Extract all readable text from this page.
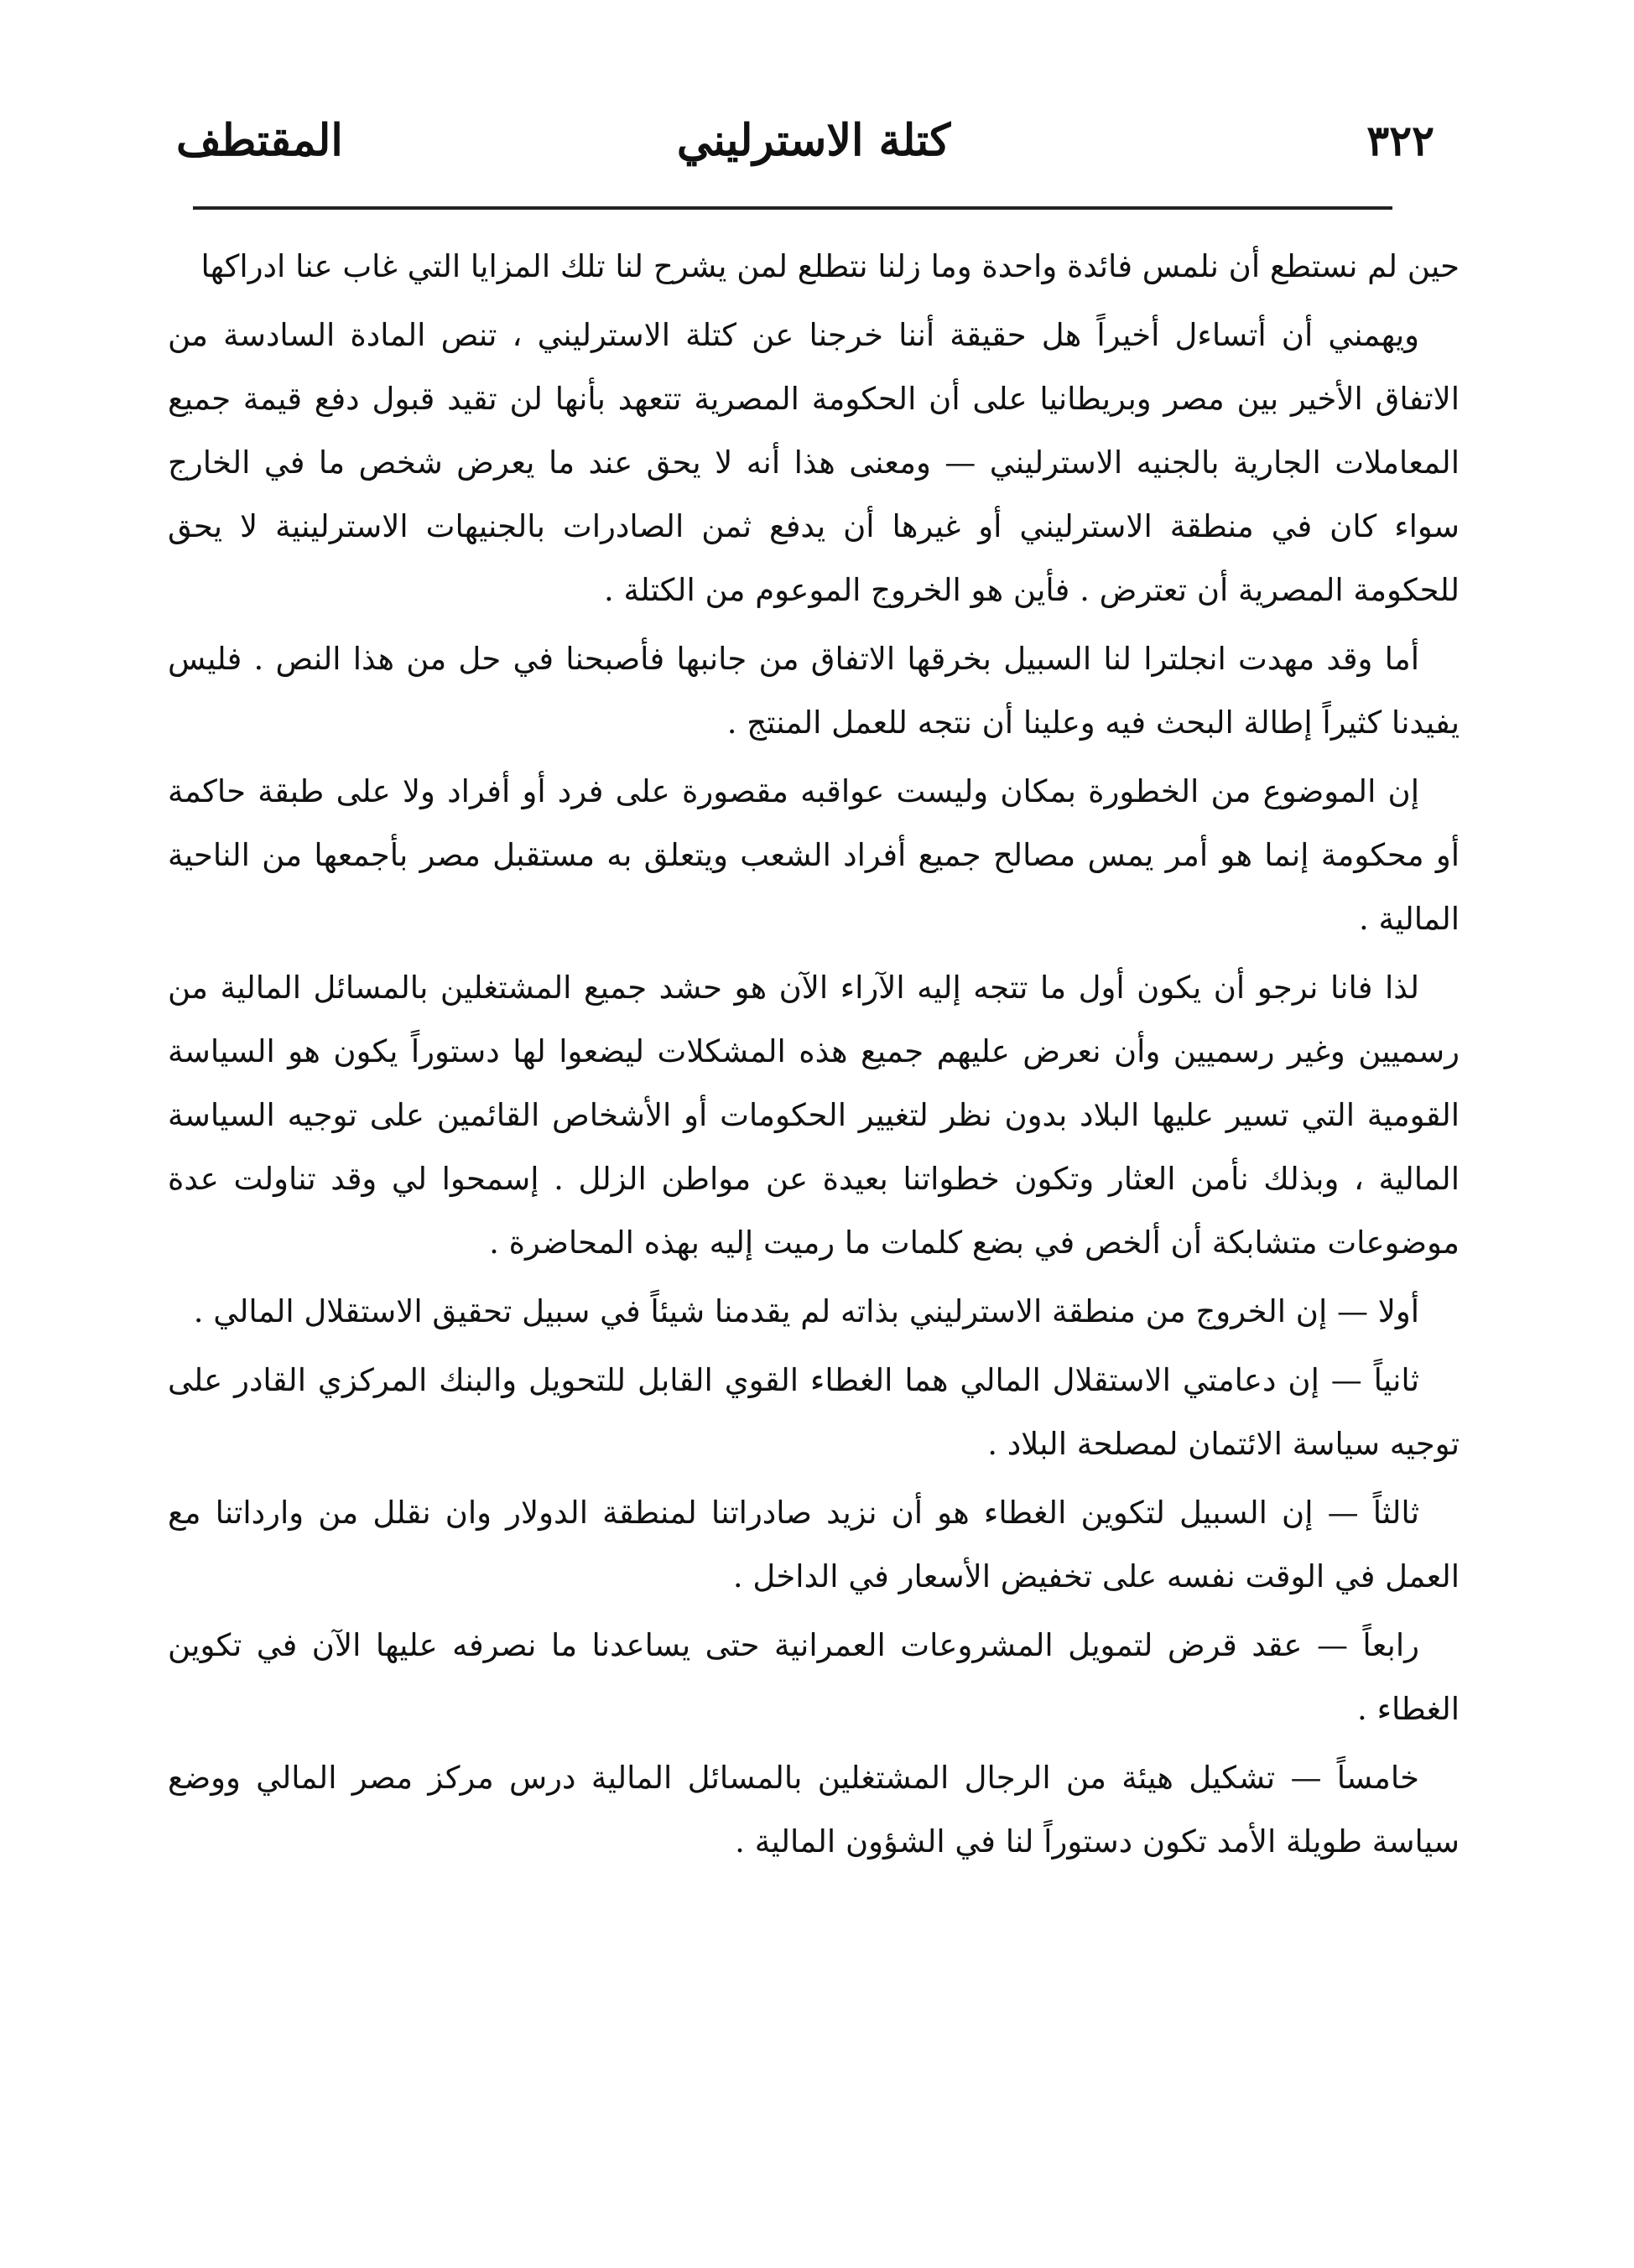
٣٢٢
كتلة الاسترليني
المقتطف

حين لم نستطع أن نلمس فائدة واحدة وما زلنا نتطلع لمن يشرح لنا تلك المزايا التي غاب عنا ادراكها

ويهمني أن أتساءل أخيراً هل حقيقة أننا خرجنا عن كتلة الاسترليني ، تنص المادة السادسة من الاتفاق الأخير بين مصر وبريطانيا على أن الحكومة المصرية تتعهد بأنها لن تقيد قبول دفع قيمة جميع المعاملات الجارية بالجنيه الاسترليني — ومعنى هذا أنه لا يحق عند ما يعرض شخص ما في الخارج سواء كان في منطقة الاسترليني أو غيرها أن يدفع ثمن الصادرات بالجنيهات الاسترلينية لا يحق للحكومة المصرية أن تعترض . فأين هو الخروج الموعوم من الكتلة .

أما وقد مهدت انجلترا لنا السبيل بخرقها الاتفاق من جانبها فأصبحنا في حل من هذا النص . فليس يفيدنا كثيراً إطالة البحث فيه وعلينا أن نتجه للعمل المنتج .

إن الموضوع من الخطورة بمكان وليست عواقبه مقصورة على فرد أو أفراد ولا على طبقة حاكمة أو محكومة إنما هو أمر يمس مصالح جميع أفراد الشعب ويتعلق به مستقبل مصر بأجمعها من الناحية المالية .

لذا فانا نرجو أن يكون أول ما تتجه إليه الآراء الآن هو حشد جميع المشتغلين بالمسائل المالية من رسميين وغير رسميين وأن نعرض عليهم جميع هذه المشكلات ليضعوا لها دستوراً يكون هو السياسة القومية التي تسير عليها البلاد بدون نظر لتغيير الحكومات أو الأشخاص القائمين على توجيه السياسة المالية ، وبذلك نأمن العثار وتكون خطواتنا بعيدة عن مواطن الزلل . إسمحوا لي وقد تناولت عدة موضوعات متشابكة أن ألخص في بضع كلمات ما رميت إليه بهذه المحاضرة .

أولا — إن الخروج من منطقة الاسترليني بذاته لم يقدمنا شيئاً في سبيل تحقيق الاستقلال المالي .

ثانياً — إن دعامتي الاستقلال المالي هما الغطاء القوي القابل للتحويل والبنك المركزي القادر على توجيه سياسة الائتمان لمصلحة البلاد .

ثالثاً — إن السبيل لتكوين الغطاء هو أن نزيد صادراتنا لمنطقة الدولار وان نقلل من وارداتنا مع العمل في الوقت نفسه على تخفيض الأسعار في الداخل .

رابعاً — عقد قرض لتمويل المشروعات العمرانية حتى يساعدنا ما نصرفه عليها الآن في تكوين الغطاء .

خامساً — تشكيل هيئة من الرجال المشتغلين بالمسائل المالية درس مركز مصر المالي ووضع سياسة طويلة الأمد تكون دستوراً لنا في الشؤون المالية .
